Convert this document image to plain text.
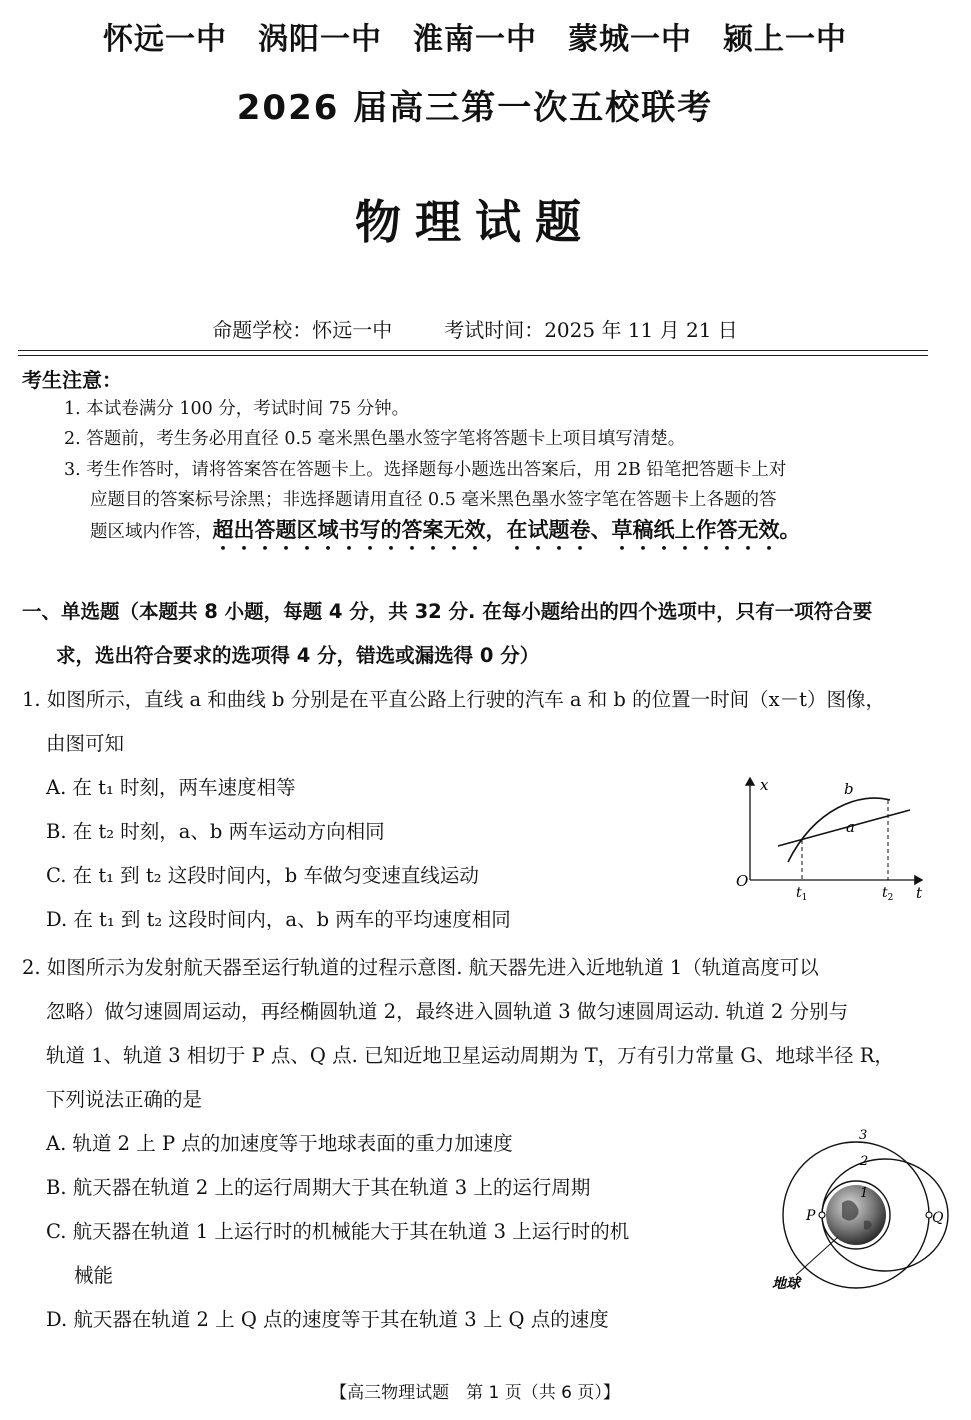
怀远一中　涡阳一中　淮南一中　蒙城一中　颍上一中
2026 届高三第一次五校联考
物理试题
命题学校：怀远一中	考试时间：2025 年 11 月 21 日
考生注意：
1. 本试卷满分 100 分，考试时间 75 分钟。
2. 答题前，考生务必用直径 0.5 毫米黑色墨水签字笔将答题卡上项目填写清楚。
3. 考生作答时，请将答案答在答题卡上。选择题每小题选出答案后，用 2B 铅笔把答题卡上对
应题目的答案标号涂黑；非选择题请用直径 0.5 毫米黑色墨水签字笔在答题卡上各题的答
题区域内作答，超出答题区域书写的答案无效，在试题卷、草稿纸上作答无效。
一、单选题（本题共 8 小题，每题 4 分，共 32 分. 在每小题给出的四个选项中，只有一项符合要
求，选出符合要求的选项得 4 分，错选或漏选得 0 分）
1. 如图所示，直线 a 和曲线 b 分别是在平直公路上行驶的汽车 a 和 b 的位置一时间（x－t）图像，
由图可知
A. 在 t₁ 时刻，两车速度相等
B. 在 t₂ 时刻，a、b 两车运动方向相同
C. 在 t₁ 到 t₂ 这段时间内，b 车做匀变速直线运动
D. 在 t₁ 到 t₂ 这段时间内，a、b 两车的平均速度相同
x
t
O
$t_1$	$t_2$
b
a
2. 如图所示为发射航天器至运行轨道的过程示意图. 航天器先进入近地轨道 1（轨道高度可以
忽略）做匀速圆周运动，再经椭圆轨道 2，最终进入圆轨道 3 做匀速圆周运动. 轨道 2 分别与
轨道 1、轨道 3 相切于 P 点、Q 点. 已知近地卫星运动周期为 T，万有引力常量 G、地球半径 R，
下列说法正确的是
A. 轨道 2 上 P 点的加速度等于地球表面的重力加速度
B. 航天器在轨道 2 上的运行周期大于其在轨道 3 上的运行周期
C. 航天器在轨道 1 上运行时的机械能大于其在轨道 3 上运行时的机
械能
D. 航天器在轨道 2 上 Q 点的速度等于其在轨道 3 上 Q 点的速度
P	Q
3
2
1
地球
【高三物理试题　第 1 页（共 6 页）】
